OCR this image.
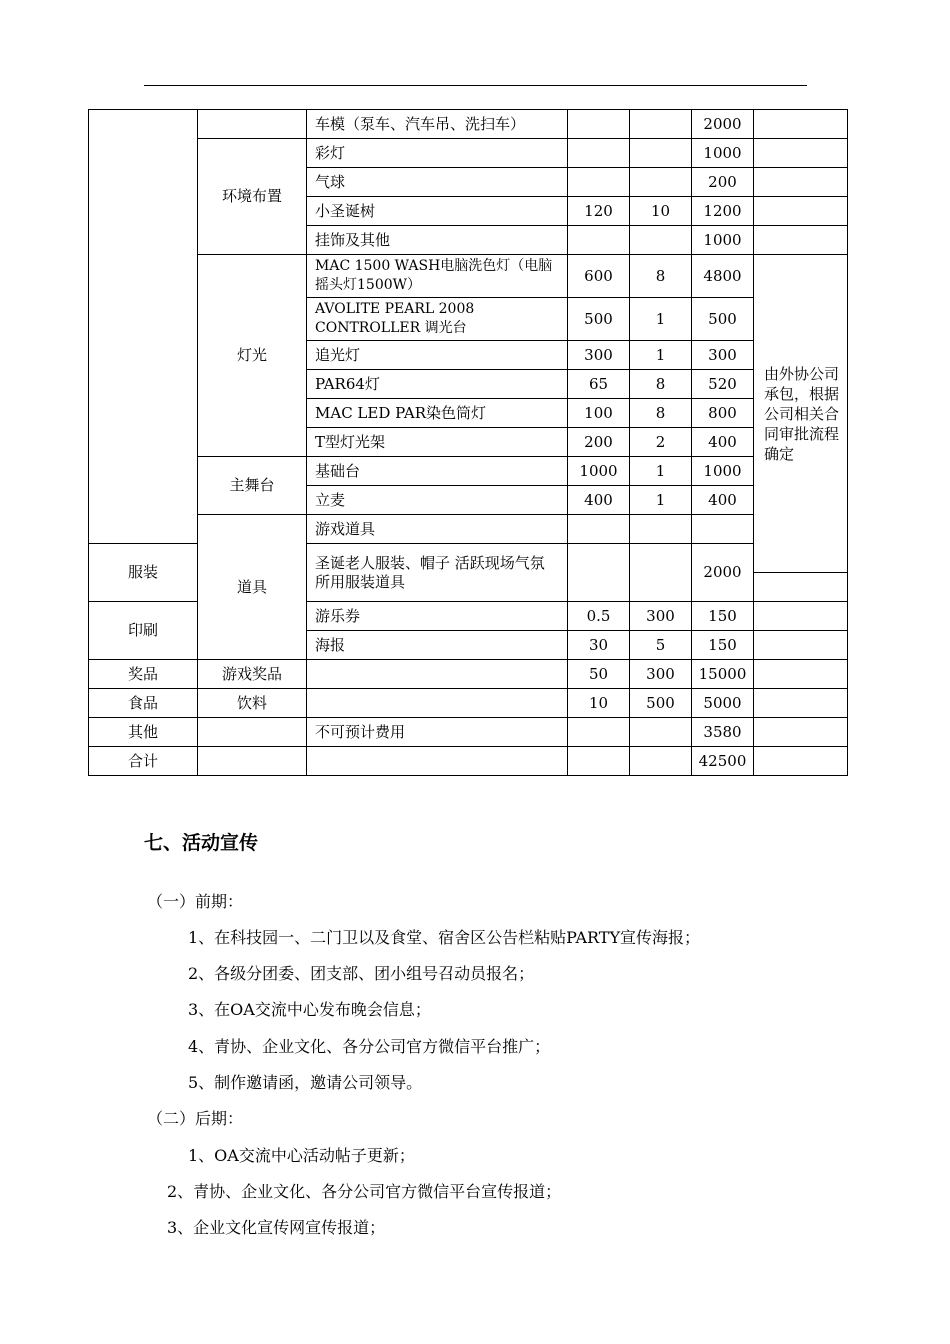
		车模（泵车、汽车吊、洗扫车）			2000		
	环境布置	彩灯			1000		
		气球			200		
		小圣诞树	120	10	1200		
		挂饰及其他			1000		
	灯光	MAC 1500 WASH电脑洗色灯（电脑摇头灯1500W）	600	8	4800	由外协公司承包，根据公司相关合同审批流程确定	
		AVOLITE PEARL 2008 CONTROLLER 调光台	500	1	500		
		追光灯	300	1	300		
		PAR64灯	65	8	520		
		MAC LED PAR染色筒灯	100	8	800		
		T型灯光架	200	2	400		
	主舞台	基础台	1000	1	1000		
		立麦	400	1	400		
	道具	游戏道具				
服装		圣诞老人服装、帽子 活跃现场气氛所用服装道具			2000		

印刷		游乐券	0.5	300	150		
		海报	30	5	150		
奖品	游戏奖品		50	300	15000		
食品	饮料		10	500	5000		
其他		不可预计费用			3580		
合计					42500		
七、活动宣传

（一）前期：

1、在科技园一、二门卫以及食堂、宿舍区公告栏粘贴PARTY宣传海报；

2、各级分团委、团支部、团小组号召动员报名；

3、在OA交流中心发布晚会信息；

4、青协、企业文化、各分公司官方微信平台推广；

5、制作邀请函，邀请公司领导。

（二）后期：

1、OA交流中心活动帖子更新；

2、青协、企业文化、各分公司官方微信平台宣传报道；

3、企业文化宣传网宣传报道；
